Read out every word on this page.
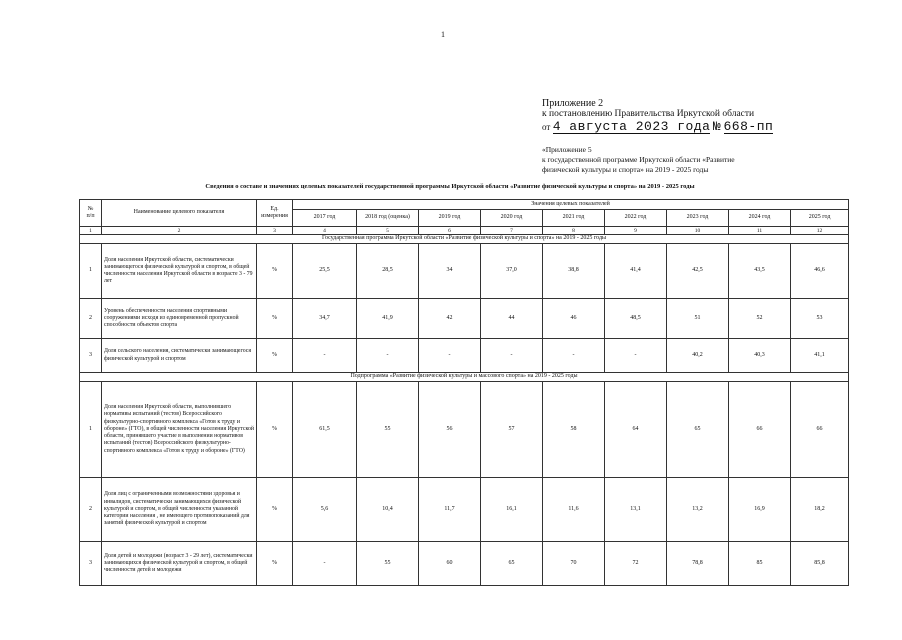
1
Приложение 2
к постановлению Правительства Иркутской области
от 4 августа 2023 года № 668-пп
«Приложение 5
к государственной программе Иркутской области «Развитие
физической культуры и спорта» на 2019 - 2025 годы
Сведения о составе и значениях целевых показателей государственной программы Иркутской области «Развитие физической культуры и спорта» на 2019 - 2025 годы
№
п/п	Наименование целевого показателя	Ед. измерения	Значения целевых показателей								
			2017 год	2018 год (оценка)	2019 год	2020 год	2021 год	2022 год	2023 год	2024 год	2025 год
1	2	3	4	5	6	7	8	9	10	11	12
Государственная программа Иркутской области «Развитие физической культуры и спорта» на 2019 - 2025 годы											
1	Доля населения Иркутской области, систематически занимающегося физической культурой и спортом, в общей численности населения Иркутской области в возрасте 3 - 79 лет	%	25,5	28,5	34	37,0	38,8	41,4	42,5	43,5	46,6
2	Уровень обеспеченности населения спортивными сооружениями исходя из единовременной пропускной способности объектов спорта	%	34,7	41,9	42	44	46	48,5	51	52	53
3	Доля сельского населения, систематически занимающегося физической культурой и спортом	%	-	-	-	-	-	-	40,2	40,3	41,1
Подпрограмма «Развитие физической культуры и массового спорта» на 2019 - 2025 годы											
1	Доля населения Иркутской области, выполнившего нормативы испытаний (тестов) Всероссийского физкультурно-спортивного комплекса «Готов к труду и обороне» (ГТО), в общей численности населения Иркутской области, принявшего участие в выполнении нормативов испытаний (тестов) Всероссийского физкультурно-спортивного комплекса «Готов к труду и обороне» (ГТО)	%	61,5	55	56	57	58	64	65	66	66
2	Доля лиц с ограниченными возможностями здоровья и инвалидов, систематически занимающихся физической культурой и спортом, в общей численности указанной категории населения , не имеющего противопоказаний для занятий физической культурой и спортом	%	5,6	10,4	11,7	16,1	11,6	13,1	13,2	16,9	18,2
3	Доля детей и молодежи (возраст 3 - 29 лет), систематически занимающихся физической культурой и спортом, в общей численности детей и молодежи	%	-	55	60	65	70	72	78,8	85	85,8
